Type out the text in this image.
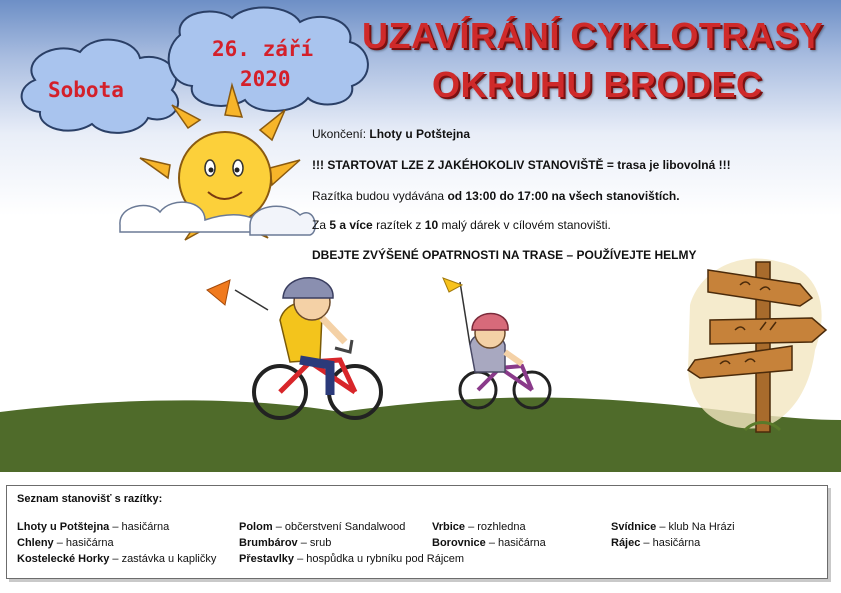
Sobota
26. září
2020
UZAVÍRÁNÍ CYKLOTRASY
OKRUHU BRODEC
Ukončení: Lhoty u Potštejna
!!! STARTOVAT LZE Z JAKÉHOKOLIV STANOVIŠTĚ = trasa je libovolná !!!
Razítka budou vydávána od 13:00 do 17:00 na všech stanovištích.
Za 5 a více razítek z 10 malý dárek v cílovém stanovišti.
DBEJTE ZVÝŠENÉ OPATRNOSTI NA TRASE – POUŽÍVEJTE HELMY
Seznam stanovišť s razítky:
Lhoty u Potštejna – hasičárna
Chleny – hasičárna
Kostelecké Horky – zastávka u kapličky
Polom – občerstvení Sandalwood
Brumbárov – srub
Přestavlky – hospůdka u rybníku pod Rájcem
Vrbice – rozhledna
Borovnice – hasičárna
Svídnice – klub Na Hrázi
Rájec – hasičárna
